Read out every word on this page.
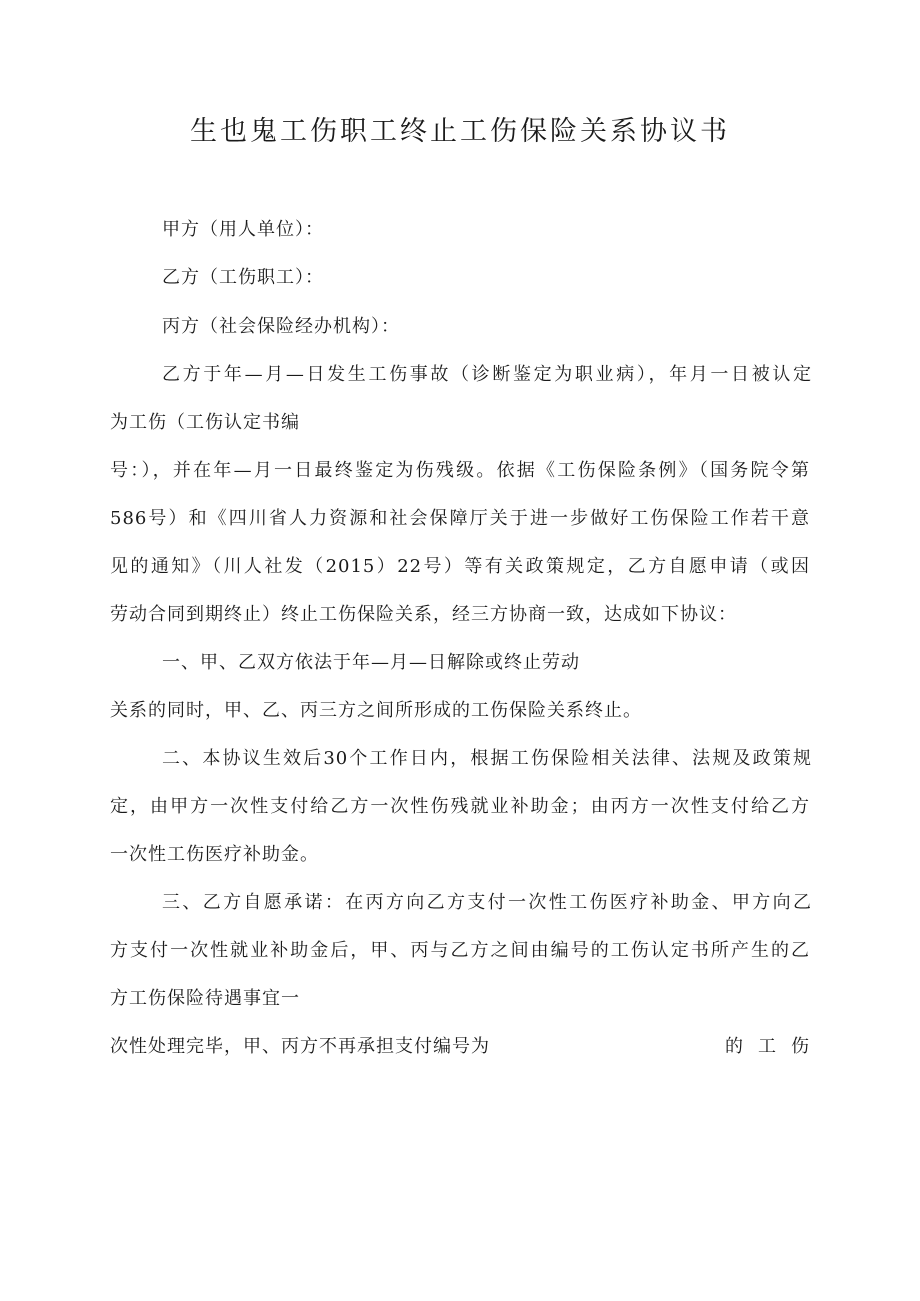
生也鬼工伤职工终止工伤保险关系协议书
甲方（用人单位）：
乙方（工伤职工）：
丙方（社会保险经办机构）：
乙方于年—月—日发生工伤事故（诊断鉴定为职业病），年月一日被认定
为工伤（工伤认定书编
号：），并在年—月一日最终鉴定为伤残级。依据《工伤保险条例》（国务院令第
586号）和《四川省人力资源和社会保障厅关于进一步做好工伤保险工作若干意
见的通知》（川人社发（2015）22号）等有关政策规定，乙方自愿申请（或因
劳动合同到期终止）终止工伤保险关系，经三方协商一致，达成如下协议：
一、甲、乙双方依法于年—月—日解除或终止劳动
关系的同时，甲、乙、丙三方之间所形成的工伤保险关系终止。
二、本协议生效后30个工作日内，根据工伤保险相关法律、法规及政策规
定，由甲方一次性支付给乙方一次性伤残就业补助金；由丙方一次性支付给乙方
一次性工伤医疗补助金。
三、乙方自愿承诺：在丙方向乙方支付一次性工伤医疗补助金、甲方向乙
方支付一次性就业补助金后，甲、丙与乙方之间由编号的工伤认定书所产生的乙
方工伤保险待遇事宜一
次性处理完毕，甲、丙方不再承担支付编号为	的 工 伤
